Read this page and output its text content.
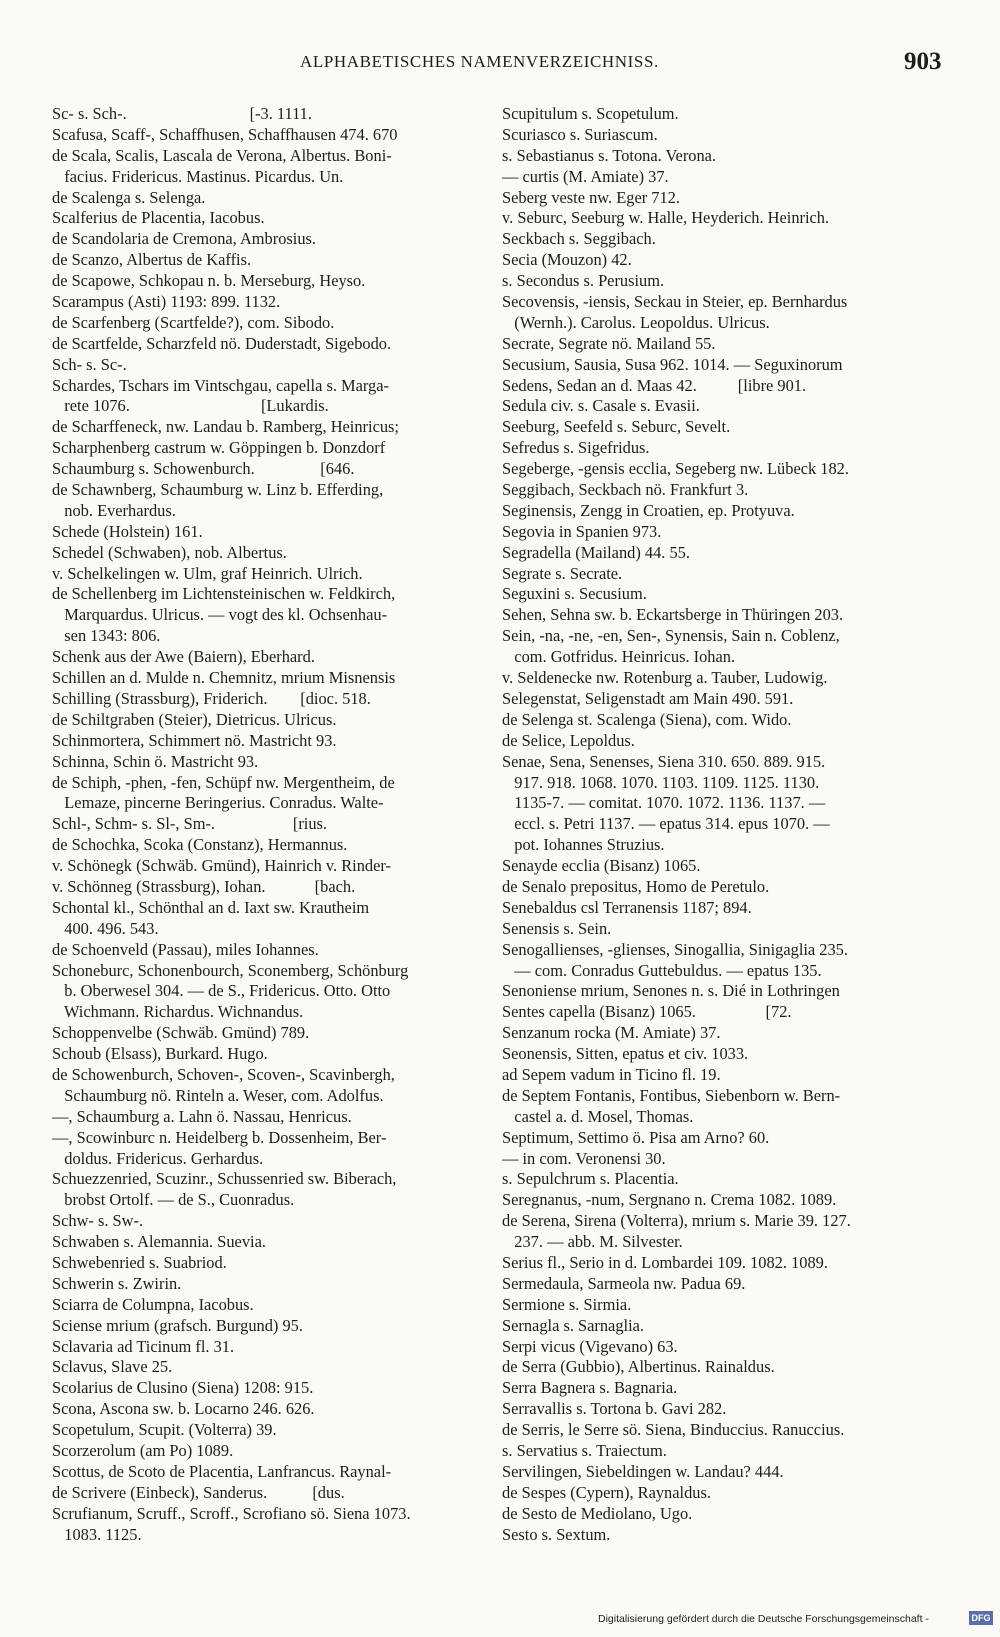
ALPHABETISCHES NAMENVERZEICHNISS.	903
Sc- s. Sch-.                              [-3. 1111.
Scafusa, Scaff-, Schaffhusen, Schaffhausen 474. 670
de Scala, Scalis, Lascala de Verona, Albertus. Boni-
facius. Fridericus. Mastinus. Picardus. Un.
de Scalenga s. Selenga.
Scalferius de Placentia, Iacobus.
de Scandolaria de Cremona, Ambrosius.
de Scanzo, Albertus de Kaffis.
de Scapowe, Schkopau n. b. Merseburg, Heyso.
Scarampus (Asti) 1193: 899. 1132.
de Scarfenberg (Scartfelde?), com. Sibodo.
de Scartfelde, Scharzfeld nö. Duderstadt, Sigebodo.
Sch- s. Sc-.
Schardes, Tschars im Vintschgau, capella s. Marga-
rete 1076.                                [Lukardis.
de Scharffeneck, nw. Landau b. Ramberg, Heinricus;
Scharphenberg castrum w. Göppingen b. Donzdorf
Schaumburg s. Schowenburch.                [646.
de Schawnberg, Schaumburg w. Linz b. Efferding,
nob. Everhardus.
Schede (Holstein) 161.
Schedel (Schwaben), nob. Albertus.
v. Schelkelingen w. Ulm, graf Heinrich. Ulrich.
de Schellenberg im Lichtensteinischen w. Feldkirch,
Marquardus. Ulricus. — vogt des kl. Ochsenhau-
sen 1343: 806.
Schenk aus der Awe (Baiern), Eberhard.
Schillen an d. Mulde n. Chemnitz, mrium Misnensis
Schilling (Strassburg), Friderich.        [dioc. 518.
de Schiltgraben (Steier), Dietricus. Ulricus.
Schinmortera, Schimmert nö. Mastricht 93.
Schinna, Schin ö. Mastricht 93.
de Schiph, -phen, -fen, Schüpf nw. Mergentheim, de
Lemaze, pincerne Beringerius. Conradus. Walte-
Schl-, Schm- s. Sl-, Sm-.                   [rius.
de Schochka, Scoka (Constanz), Hermannus.
v. Schönegk (Schwäb. Gmünd), Hainrich v. Rinder-
v. Schönneg (Strassburg), Iohan.            [bach.
Schontal kl., Schönthal an d. Iaxt sw. Krautheim
400. 496. 543.
de Schoenveld (Passau), miles Iohannes.
Schoneburc, Schonenbourch, Sconemberg, Schönburg
b. Oberwesel 304. — de S., Fridericus. Otto. Otto
Wichmann. Richardus. Wichnandus.
Schoppenvelbe (Schwäb. Gmünd) 789.
Schoub (Elsass), Burkard. Hugo.
de Schowenburch, Schoven-, Scoven-, Scavinbergh,
Schaumburg nö. Rinteln a. Weser, com. Adolfus.
—, Schaumburg a. Lahn ö. Nassau, Henricus.
—, Scowinburc n. Heidelberg b. Dossenheim, Ber-
doldus. Fridericus. Gerhardus.
Schuezzenried, Scuzinr., Schussenried sw. Biberach,
brobst Ortolf. — de S., Cuonradus.
Schw- s. Sw-.
Schwaben s. Alemannia. Suevia.
Schwebenried s. Suabriod.
Schwerin s. Zwirin.
Sciarra de Columpna, Iacobus.
Sciense mrium (grafsch. Burgund) 95.
Sclavaria ad Ticinum fl. 31.
Sclavus, Slave 25.
Scolarius de Clusino (Siena) 1208: 915.
Scona, Ascona sw. b. Locarno 246. 626.
Scopetulum, Scupit. (Volterra) 39.
Scorzerolum (am Po) 1089.
Scottus, de Scoto de Placentia, Lanfrancus. Raynal-
de Scrivere (Einbeck), Sanderus.           [dus.
Scrufianum, Scruff., Scroff., Scrofiano sö. Siena 1073.
1083. 1125.
Scupitulum s. Scopetulum.
Scuriasco s. Suriascum.
s. Sebastianus s. Totona. Verona.
— curtis (M. Amiate) 37.
Seberg veste nw. Eger 712.
v. Seburc, Seeburg w. Halle, Heyderich. Heinrich.
Seckbach s. Seggibach.
Secia (Mouzon) 42.
s. Secondus s. Perusium.
Secovensis, -iensis, Seckau in Steier, ep. Bernhardus
(Wernh.). Carolus. Leopoldus. Ulricus.
Secrate, Segrate nö. Mailand 55.
Secusium, Sausia, Susa 962. 1014. — Seguxinorum
Sedens, Sedan an d. Maas 42.          [libre 901.
Sedula civ. s. Casale s. Evasii.
Seeburg, Seefeld s. Seburc, Sevelt.
Sefredus s. Sigefridus.
Segeberge, -gensis ecclia, Segeberg nw. Lübeck 182.
Seggibach, Seckbach nö. Frankfurt 3.
Seginensis, Zengg in Croatien, ep. Protyuva.
Segovia in Spanien 973.
Segradella (Mailand) 44. 55.
Segrate s. Secrate.
Seguxini s. Secusium.
Sehen, Sehna sw. b. Eckartsberge in Thüringen 203.
Sein, -na, -ne, -en, Sen-, Synensis, Sain n. Coblenz,
com. Gotfridus. Heinricus. Iohan.
v. Seldenecke nw. Rotenburg a. Tauber, Ludowig.
Selegenstat, Seligenstadt am Main 490. 591.
de Selenga st. Scalenga (Siena), com. Wido.
de Selice, Lepoldus.
Senae, Sena, Senenses, Siena 310. 650. 889. 915.
917. 918. 1068. 1070. 1103. 1109. 1125. 1130.
1135-7. — comitat. 1070. 1072. 1136. 1137. —
eccl. s. Petri 1137. — epatus 314. epus 1070. —
pot. Iohannes Struzius.
Senayde ecclia (Bisanz) 1065.
de Senalo prepositus, Homo de Peretulo.
Senebaldus csl Terranensis 1187; 894.
Senensis s. Sein.
Senogallienses, -glienses, Sinogallia, Sinigaglia 235.
— com. Conradus Guttebuldus. — epatus 135.
Senoniense mrium, Senones n. s. Dié in Lothringen
Sentes capella (Bisanz) 1065.                 [72.
Senzanum rocka (M. Amiate) 37.
Seonensis, Sitten, epatus et civ. 1033.
ad Sepem vadum in Ticino fl. 19.
de Septem Fontanis, Fontibus, Siebenborn w. Bern-
castel a. d. Mosel, Thomas.
Septimum, Settimo ö. Pisa am Arno? 60.
— in com. Veronensi 30.
s. Sepulchrum s. Placentia.
Seregnanus, -num, Sergnano n. Crema 1082. 1089.
de Serena, Sirena (Volterra), mrium s. Marie 39. 127.
237. — abb. M. Silvester.
Serius fl., Serio in d. Lombardei 109. 1082. 1089.
Sermedaula, Sarmeola nw. Padua 69.
Sermione s. Sirmia.
Sernagla s. Sarnaglia.
Serpi vicus (Vigevano) 63.
de Serra (Gubbio), Albertinus. Rainaldus.
Serra Bagnera s. Bagnaria.
Serravallis s. Tortona b. Gavi 282.
de Serris, le Serre sö. Siena, Binduccius. Ranuccius.
s. Servatius s. Traiectum.
Servilingen, Siebeldingen w. Landau? 444.
de Sespes (Cypern), Raynaldus.
de Sesto de Mediolano, Ugo.
Sesto s. Sextum.
Digitalisierung gefördert durch die Deutsche Forschungsgemeinschaft -	DFG
